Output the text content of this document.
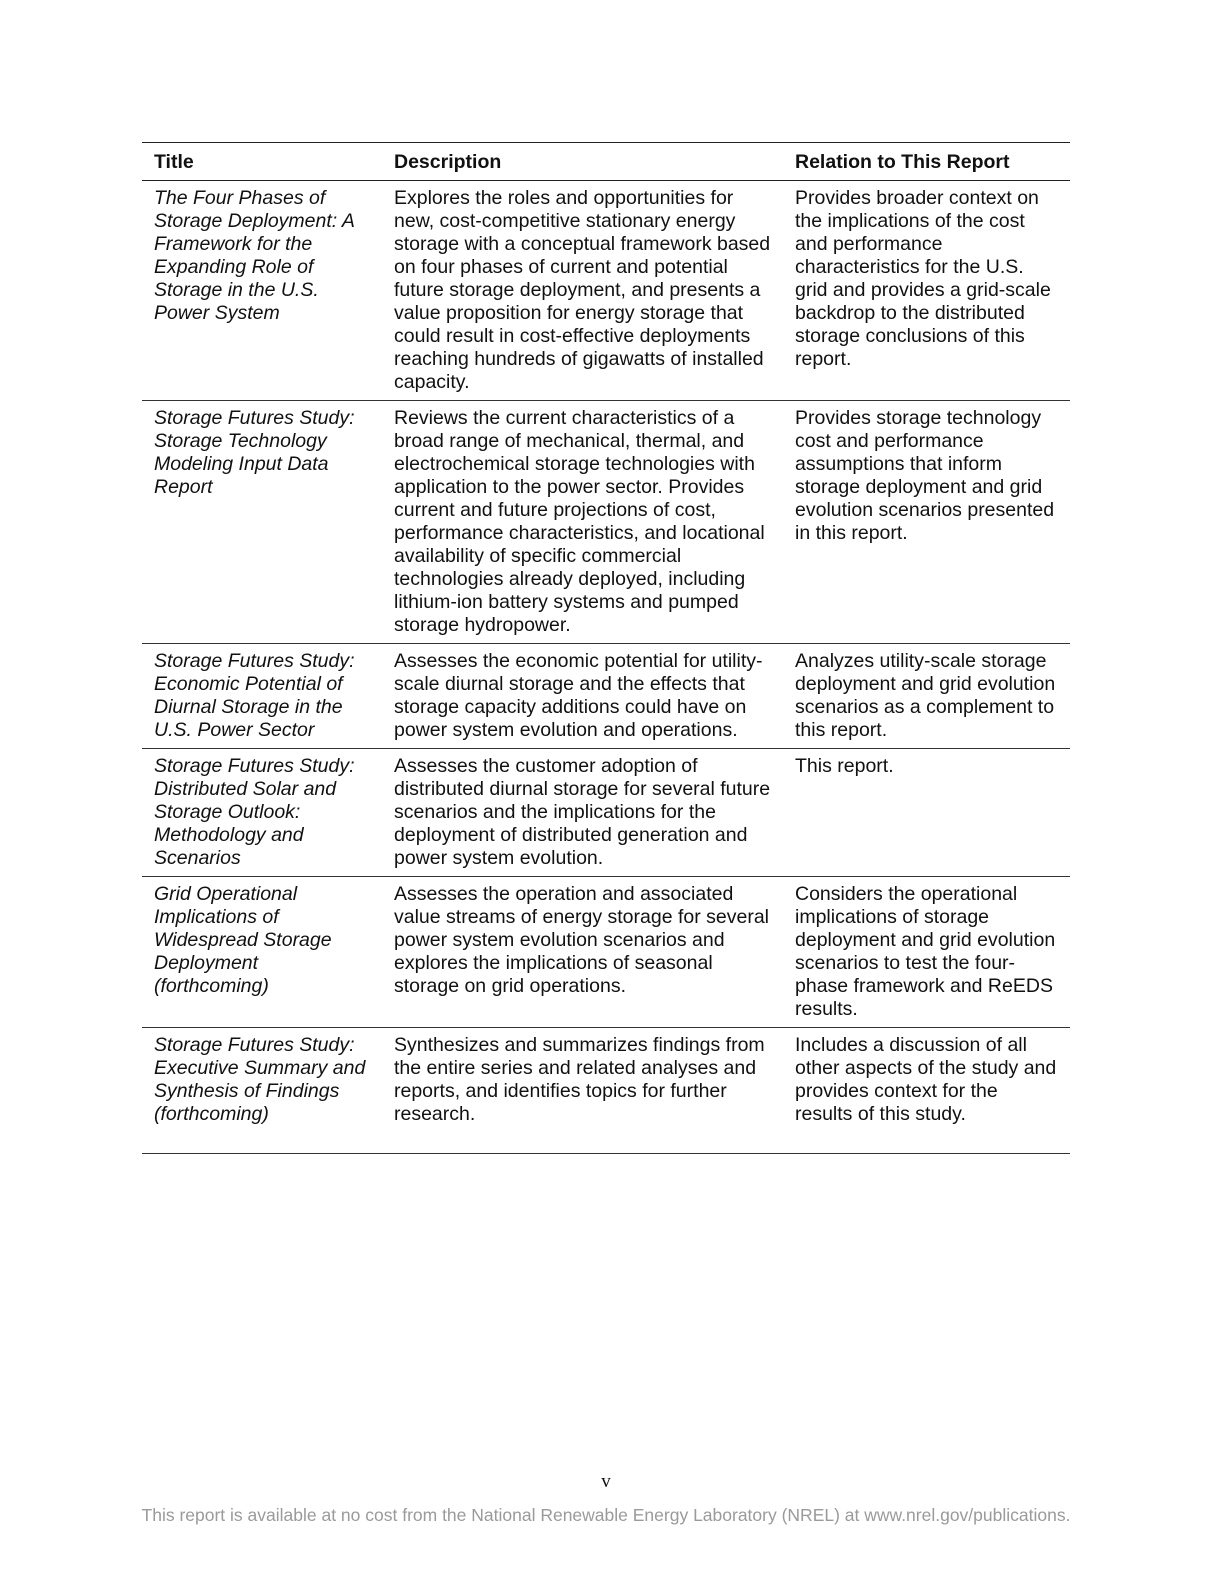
Title	Description	Relation to This Report
The Four Phases of Storage Deployment: A Framework for the Expanding Role of Storage in the U.S. Power System	Explores the roles and opportunities for new, cost-competitive stationary energy storage with a conceptual framework based on four phases of current and potential future storage deployment, and presents a value proposition for energy storage that could result in cost-effective deployments reaching hundreds of gigawatts of installed capacity.	Provides broader context on the implications of the cost and performance characteristics for the U.S. grid and provides a grid-scale backdrop to the distributed storage conclusions of this report.
Storage Futures Study: Storage Technology Modeling Input Data Report	Reviews the current characteristics of a broad range of mechanical, thermal, and electrochemical storage technologies with application to the power sector. Provides current and future projections of cost, performance characteristics, and locational availability of specific commercial technologies already deployed, including lithium-ion battery systems and pumped storage hydropower.	Provides storage technology cost and performance assumptions that inform storage deployment and grid evolution scenarios presented in this report.
Storage Futures Study: Economic Potential of Diurnal Storage in the U.S. Power Sector	Assesses the economic potential for utility-scale diurnal storage and the effects that storage capacity additions could have on power system evolution and operations.	Analyzes utility-scale storage deployment and grid evolution scenarios as a complement to this report.
Storage Futures Study: Distributed Solar and Storage Outlook: Methodology and Scenarios	Assesses the customer adoption of distributed diurnal storage for several future scenarios and the implications for the deployment of distributed generation and power system evolution.	This report.
Grid Operational Implications of Widespread Storage Deployment (forthcoming)	Assesses the operation and associated value streams of energy storage for several power system evolution scenarios and explores the implications of seasonal storage on grid operations.	Considers the operational implications of storage deployment and grid evolution scenarios to test the four-phase framework and ReEDS results.
Storage Futures Study: Executive Summary and Synthesis of Findings (forthcoming)	Synthesizes and summarizes findings from the entire series and related analyses and reports, and identifies topics for further research.	Includes a discussion of all other aspects of the study and provides context for the results of this study.
v
This report is available at no cost from the National Renewable Energy Laboratory (NREL) at www.nrel.gov/publications.
